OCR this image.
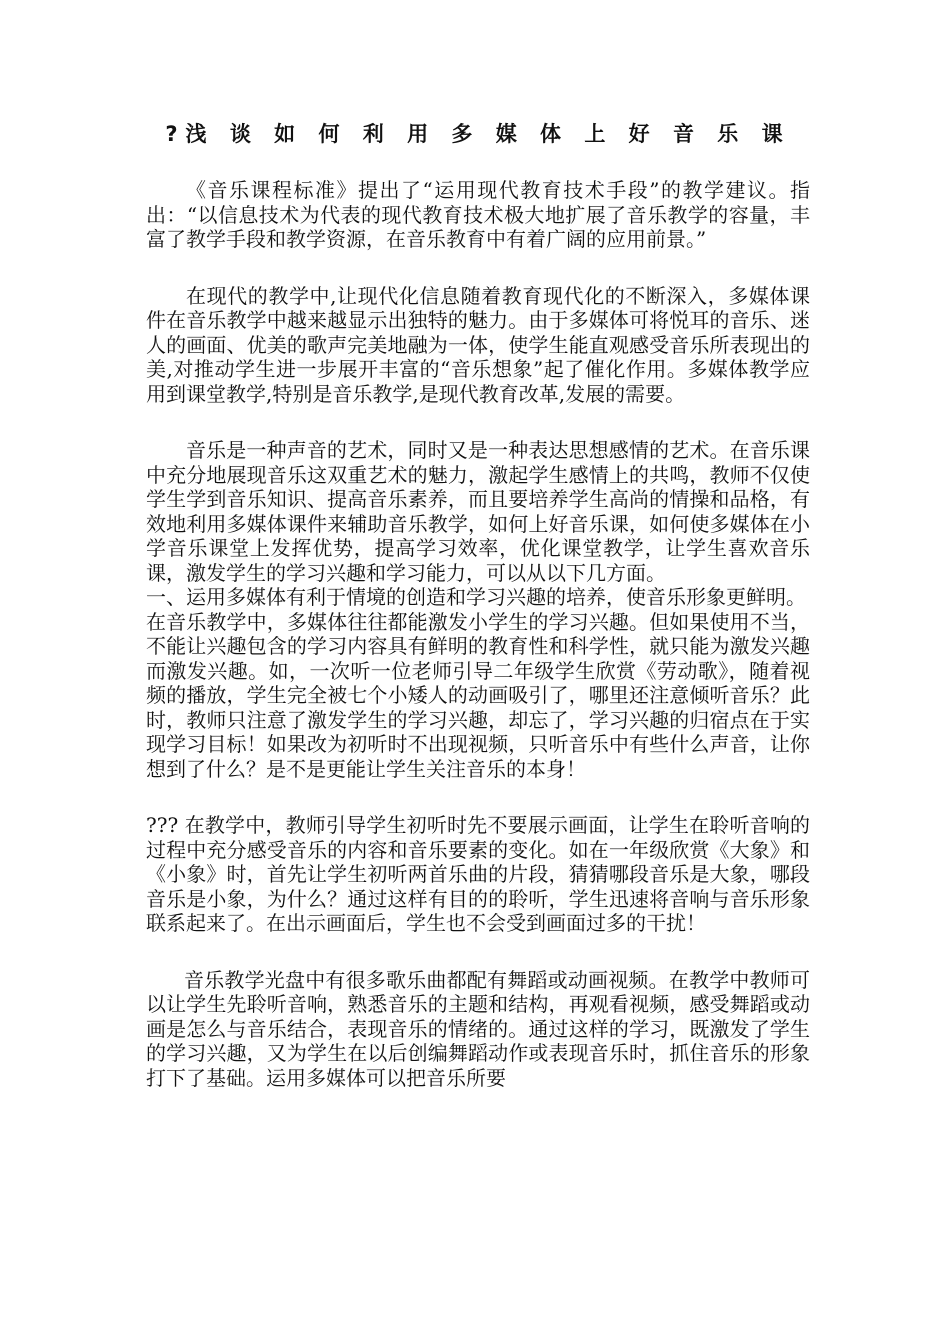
?浅 谈 如 何 利 用 多 媒 体 上 好 音 乐 课

《音乐课程标准》提出了“运用现代教育技术手段”的教学建议。指出：“以信息技术为代表的现代教育技术极大地扩展了音乐教学的容量，丰富了教学手段和教学资源，在音乐教育中有着广阔的应用前景。”

在现代的教学中,让现代化信息随着教育现代化的不断深入，多媒体课件在音乐教学中越来越显示出独特的魅力。由于多媒体可将悦耳的音乐、迷人的画面、优美的歌声完美地融为一体，使学生能直观感受音乐所表现出的美,对推动学生进一步展开丰富的“音乐想象”起了催化作用。多媒体教学应用到课堂教学,特别是音乐教学,是现代教育改革,发展的需要。

音乐是一种声音的艺术，同时又是一种表达思想感情的艺术。在音乐课中充分地展现音乐这双重艺术的魅力，激起学生感情上的共鸣，教师不仅使学生学到音乐知识、提高音乐素养，而且要培养学生高尚的情操和品格，有效地利用多媒体课件来辅助音乐教学，如何上好音乐课，如何使多媒体在小学音乐课堂上发挥优势，提高学习效率，优化课堂教学，让学生喜欢音乐课，激发学生的学习兴趣和学习能力，可以从以下几方面。

一、运用多媒体有利于情境的创造和学习兴趣的培养，使音乐形象更鲜明。

在音乐教学中，多媒体往往都能激发小学生的学习兴趣。但如果使用不当，不能让兴趣包含的学习内容具有鲜明的教育性和科学性，就只能为激发兴趣而激发兴趣。如，一次听一位老师引导二年级学生欣赏《劳动歌》，随着视频的播放，学生完全被七个小矮人的动画吸引了，哪里还注意倾听音乐？此时，教师只注意了激发学生的学习兴趣，却忘了，学习兴趣的归宿点在于实现学习目标！如果改为初听时不出现视频，只听音乐中有些什么声音，让你想到了什么？是不是更能让学生关注音乐的本身！

??? 在教学中，教师引导学生初听时先不要展示画面，让学生在聆听音响的过程中充分感受音乐的内容和音乐要素的变化。如在一年级欣赏《大象》和《小象》时，首先让学生初听两首乐曲的片段，猜猜哪段音乐是大象，哪段音乐是小象，为什么？通过这样有目的的聆听，学生迅速将音响与音乐形象联系起来了。在出示画面后，学生也不会受到画面过多的干扰！

音乐教学光盘中有很多歌乐曲都配有舞蹈或动画视频。在教学中教师可以让学生先聆听音响，熟悉音乐的主题和结构，再观看视频，感受舞蹈或动画是怎么与音乐结合，表现音乐的情绪的。通过这样的学习，既激发了学生的学习兴趣，又为学生在以后创编舞蹈动作或表现音乐时，抓住音乐的形象打下了基础。运用多媒体可以把音乐所要
